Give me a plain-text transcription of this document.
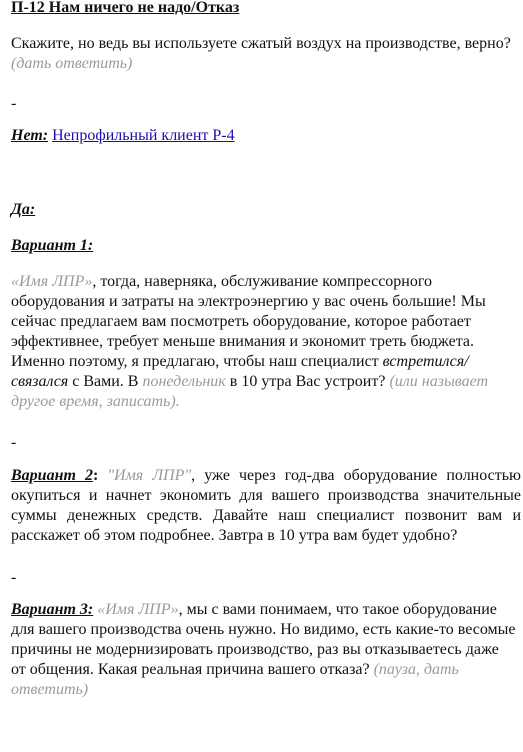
П-12 Нам ничего не надо/Отказ

Скажите, но ведь вы используете сжатый воздух на производстве, верно? (дать ответить)

-
Нет: Непрофильный клиент Р-4
Да:
Вариант 1:

«Имя ЛПР», тогда, наверняка, обслуживание компрессорного оборудования и затраты на электроэнергию у вас очень большие! Мы сейчас предлагаем вам посмотреть оборудование, которое работает эффективнее, требует меньше внимания и экономит треть бюджета. Именно поэтому, я предлагаю, чтобы наш специалист встретился/связался с Вами. В понедельник в 10 утра Вас устроит? (или называет другое время, записать).

-

Вариант 2: "Имя ЛПР", уже через год-два оборудование полностью окупиться и начнет экономить для вашего производства значительные суммы денежных средств. Давайте наш специалист позвонит вам и расскажет об этом подробнее. Завтра в 10 утра вам будет удобно?

-

Вариант 3: «Имя ЛПР», мы с вами понимаем, что такое оборудование для вашего производства очень нужно. Но видимо, есть какие-то весомые причины не модернизировать производство, раз вы отказываетесь даже от общения. Какая реальная причина вашего отказа? (пауза, дать ответить)
